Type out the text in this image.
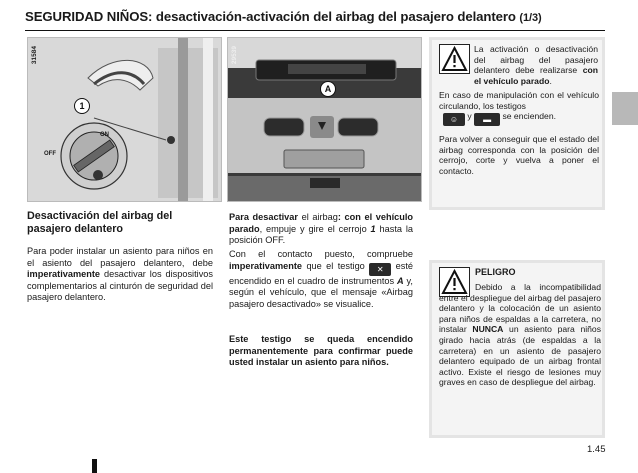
SEGURIDAD NIÑOS: desactivación-activación del airbag del pasajero delantero (1/3)
31584
1
ON
OFF
29539
A
Desactivación del airbag del pasajero delantero
Para poder instalar un asiento para niños en el asiento del pasajero delantero, debe imperativamente desactivar los dispositivos complementarios al cinturón de seguridad del pasajero delantero.
Para desactivar el airbag: con el vehículo parado, empuje y gire el cerrojo 1 hasta la posición OFF.
Con el contacto puesto, compruebe imperativamente que el testigo ✕ esté encendido en el cuadro de instrumentos A y, según el vehículo, que el mensaje «Airbag pasajero desactivado» se visualice.
Este testigo se queda encendido permanentemente para confirmar puede usted instalar un asiento para niños.
La activación o desactivación del airbag del pasajero delantero debe realizarse con el vehículo parado.
En caso de manipulación con el vehículo circulando, los testigos
☺ y ▬ se encienden.
Para volver a conseguir que el estado del airbag corresponda con la posición del cerrojo, corte y vuelva a poner el contacto.
PELIGRO
Debido a la incompatibilidad entre el despliegue del airbag del pasajero delantero y la colocación de un asiento para niños de espaldas a la carretera, no instalar NUNCA un asiento para niños girado hacia atrás (de espaldas a la carretera) en un asiento de pasajero delantero equipado de un airbag frontal activo. Existe el riesgo de lesiones muy graves en caso de despliegue del airbag.
1.45
